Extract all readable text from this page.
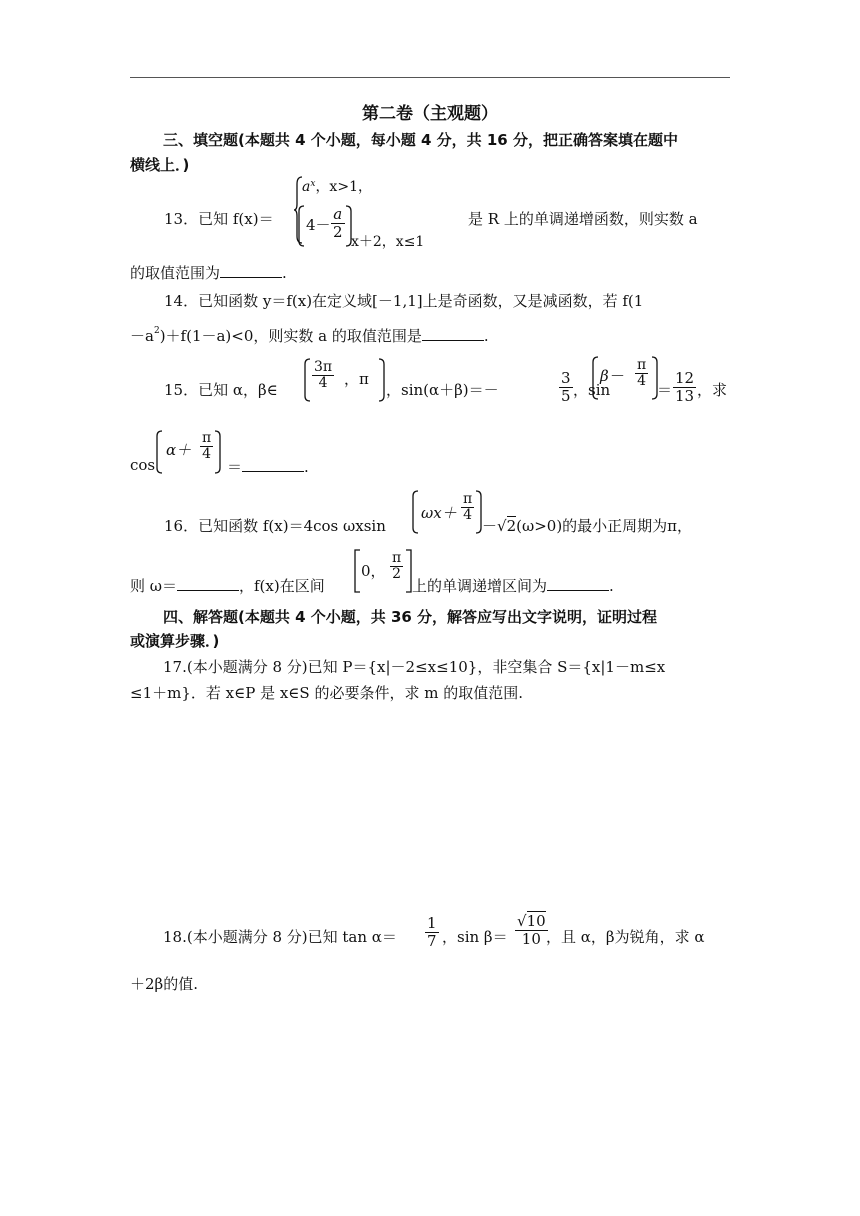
第二卷（主观题）
三、填空题(本题共 4 个小题，每小题 4 分，共 16 分，把正确答案填在题中
横线上．)
$a^x$，x>1，
13．已知 $f(x)= 4- \frac{a}{2}$
x＋2，x≤1
是 R 上的单调递增函数，则实数 a
的取值范围为	.
14．已知函数 y＝f(x)在定义域[－1,1]上是奇函数，又是减函数，若 f(1
$-a^2)+f(1-a)<0$，则实数 a 的取值范围是	.
15．已知 α，β∈ $\frac{3\pi}{4}$ ，π
，sin(α＋β)＝－	$\frac{3}{5}$ ，sin
$\beta- \frac{\pi}{4}$
＝ $\frac{12}{13}$ ，求
cos
$\alpha+ \frac{\pi}{4}$
＝	.
16．已知函数 f(x)＝4cos ωxsin
$\omega x+ \frac{\pi}{4}$
－√2(ω>0)的最小正周期为π，
则 ω＝	，f(x)在区间
0， $\frac{\pi}{2}$
上的单调递增区间为	.
四、解答题(本题共 4 个小题，共 36 分，解答应写出文字说明，证明过程
或演算步骤．)
17.(本小题满分 8 分)已知 P＝{x|－2≤x≤10}，非空集合 S＝{x|1－m≤x
≤1＋m}．若 x∈P 是 x∈S 的必要条件，求 m 的取值范围.
18.(本小题满分 8 分)已知 $\tan \alpha= \frac{1}{7}$ ，$\sin \beta= \frac{√10}{10}$
，且 α，β为锐角，求 α
＋2β的值.
